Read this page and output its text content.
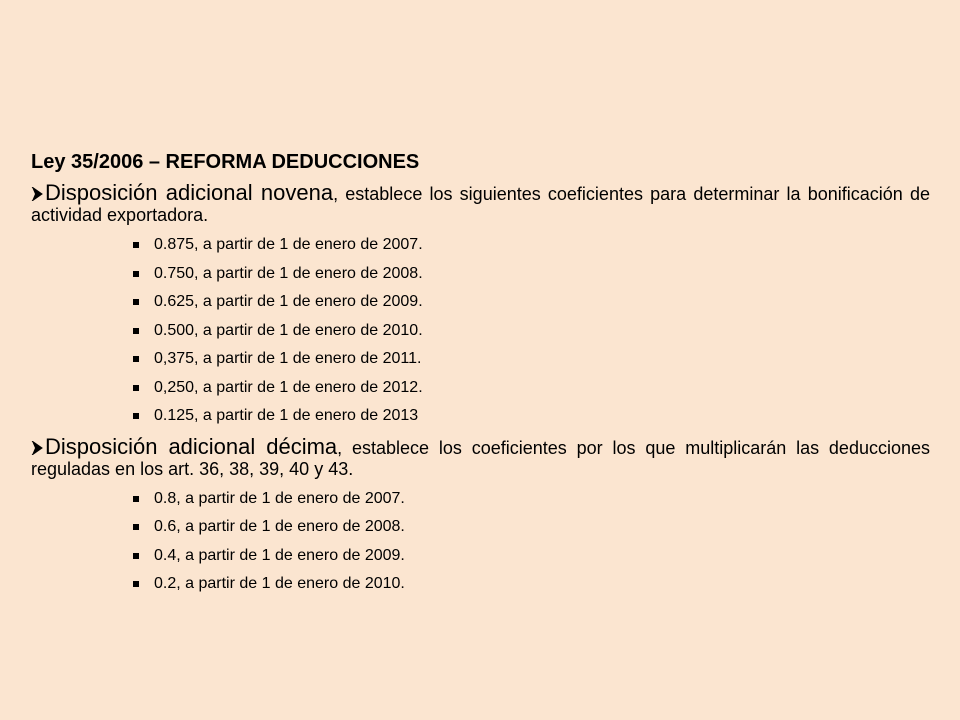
Ley 35/2006 – REFORMA DEDUCCIONES
Disposición adicional novena, establece los siguientes coeficientes para determinar la bonificación de actividad exportadora.
0.875, a partir de 1 de enero de 2007.
0.750, a partir de 1 de enero de 2008.
0.625, a partir de 1 de enero de 2009.
0.500, a partir de 1 de enero de 2010.
0,375, a partir de 1 de enero de 2011.
0,250, a partir de 1 de enero de 2012.
0.125, a partir de 1 de enero de 2013
Disposición adicional décima, establece los coeficientes por los que multiplicarán las deducciones reguladas en los art. 36, 38, 39, 40 y 43.
0.8, a partir de 1 de enero de 2007.
0.6, a partir de 1 de enero de 2008.
0.4, a partir de 1 de enero de 2009.
0.2, a partir de 1 de enero de 2010.
